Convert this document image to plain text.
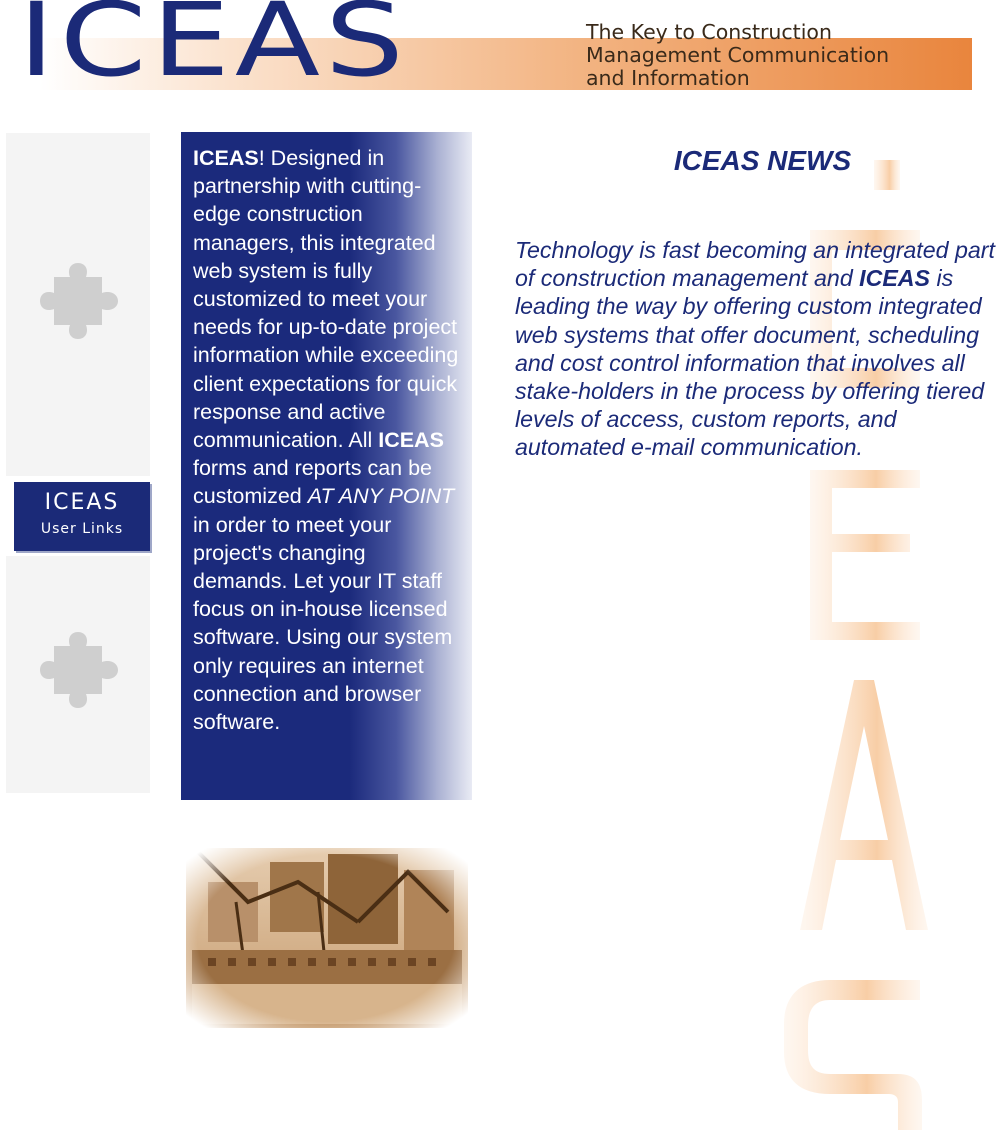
ICEAS	The Key to Construction
Management Communication
and Information
ICEAS
User Links
ICEAS! Designed in partnership with cutting-edge construction managers, this integrated web system is fully customized to meet your needs for up-to-date project information while exceeding client expectations for quick response and active communication. All ICEAS forms and reports can be customized AT ANY POINT in order to meet your project's changing demands. Let your IT staff focus on in-house licensed software. Using our system only requires an internet connection and browser software.
ICEAS NEWS
Technology is fast becoming an integrated part of construction management and ICEAS is leading the way by offering custom integrated web systems that offer document, scheduling and cost control information that involves all stake-holders in the process by offering tiered levels of access, custom reports, and automated e-mail communication.
